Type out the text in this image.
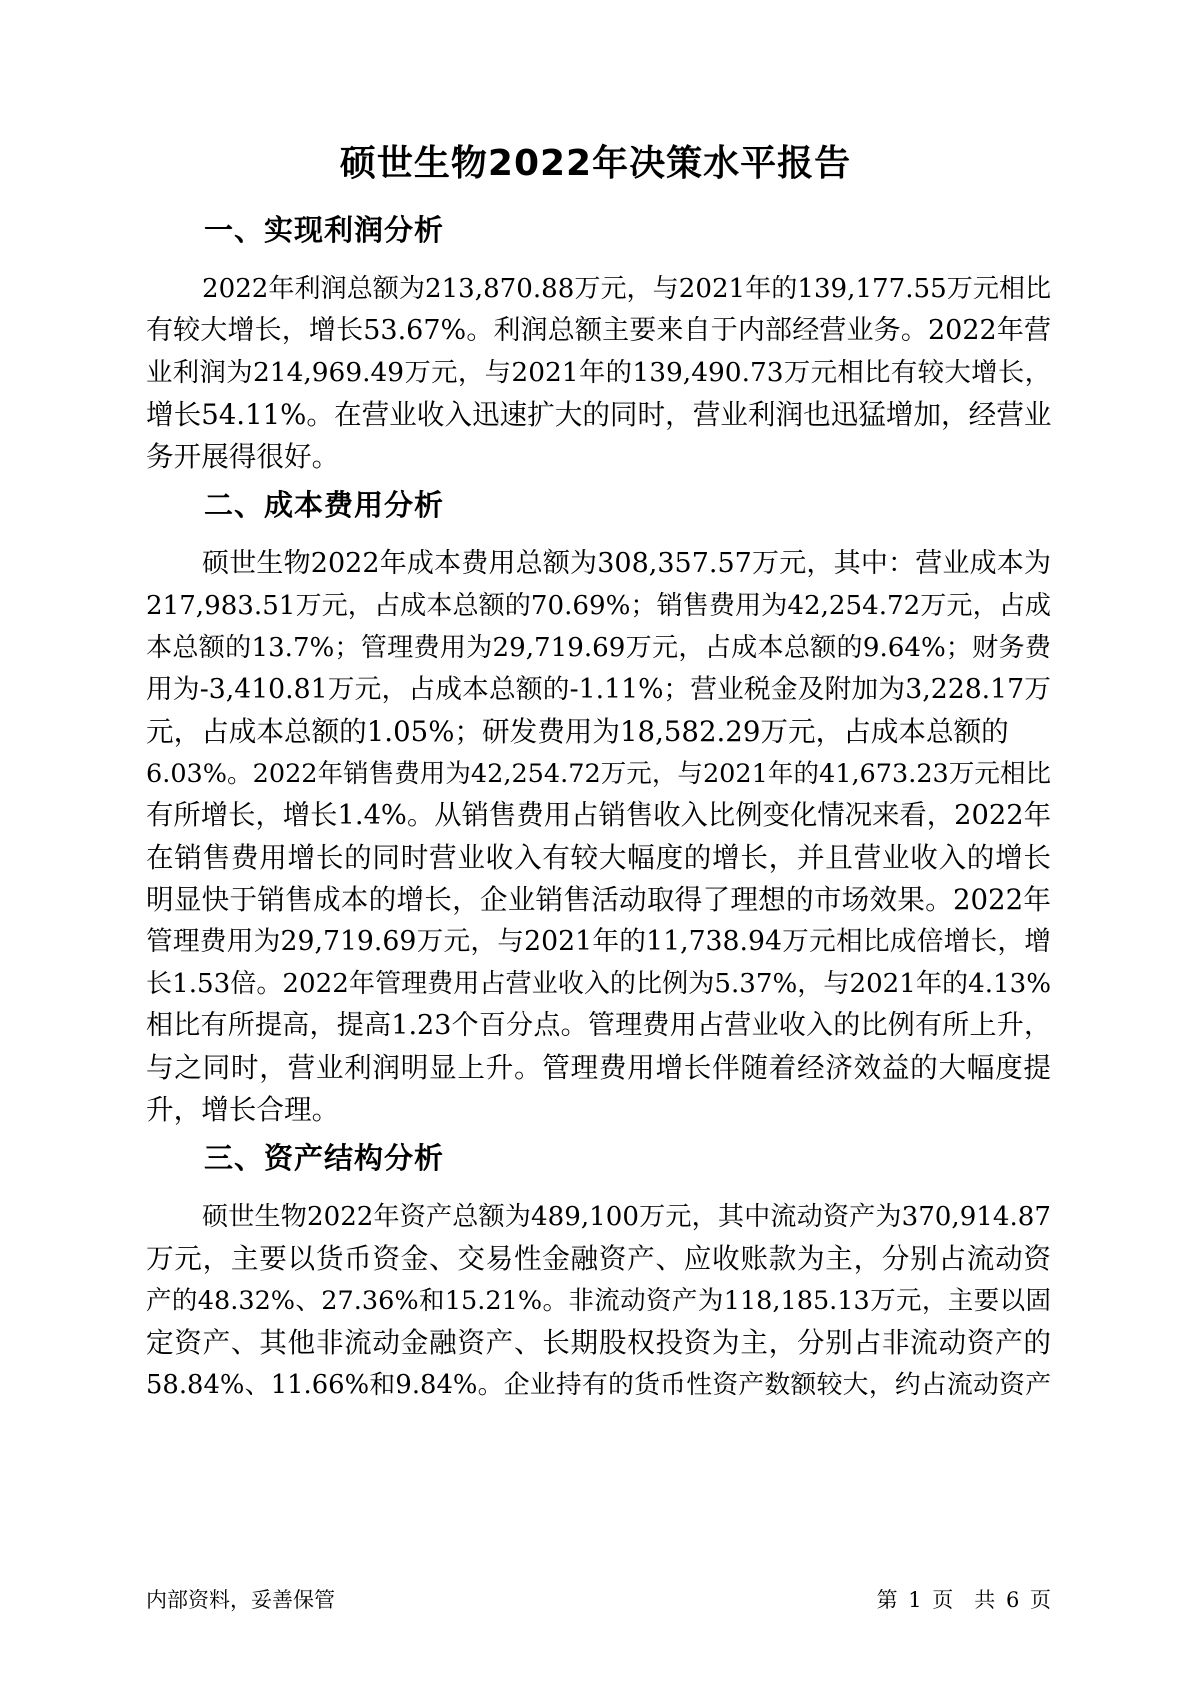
硕世生物2022年决策水平报告
一、实现利润分析
2022年利润总额为213,870.88万元，与2021年的139,177.55万元相比
有较大增长，增长53.67%。利润总额主要来自于内部经营业务。2022年营
业利润为214,969.49万元，与2021年的139,490.73万元相比有较大增长，
增长54.11%。在营业收入迅速扩大的同时，营业利润也迅猛增加，经营业
务开展得很好。
二、成本费用分析
硕世生物2022年成本费用总额为308,357.57万元，其中：营业成本为
217,983.51万元，占成本总额的70.69%；销售费用为42,254.72万元，占成
本总额的13.7%；管理费用为29,719.69万元，占成本总额的9.64%；财务费
用为-3,410.81万元，占成本总额的-1.11%；营业税金及附加为3,228.17万
元，占成本总额的1.05%；研发费用为18,582.29万元，占成本总额的
6.03%。2022年销售费用为42,254.72万元，与2021年的41,673.23万元相比
有所增长，增长1.4%。从销售费用占销售收入比例变化情况来看，2022年
在销售费用增长的同时营业收入有较大幅度的增长，并且营业收入的增长
明显快于销售成本的增长，企业销售活动取得了理想的市场效果。2022年
管理费用为29,719.69万元，与2021年的11,738.94万元相比成倍增长，增
长1.53倍。2022年管理费用占营业收入的比例为5.37%，与2021年的4.13%
相比有所提高，提高1.23个百分点。管理费用占营业收入的比例有所上升，
与之同时，营业利润明显上升。管理费用增长伴随着经济效益的大幅度提
升，增长合理。
三、资产结构分析
硕世生物2022年资产总额为489,100万元，其中流动资产为370,914.87
万元，主要以货币资金、交易性金融资产、应收账款为主，分别占流动资
产的48.32%、27.36%和15.21%。非流动资产为118,185.13万元，主要以固
定资产、其他非流动金融资产、长期股权投资为主，分别占非流动资产的
58.84%、11.66%和9.84%。企业持有的货币性资产数额较大，约占流动资产
内部资料，妥善保管	第 1 页　共 6 页
